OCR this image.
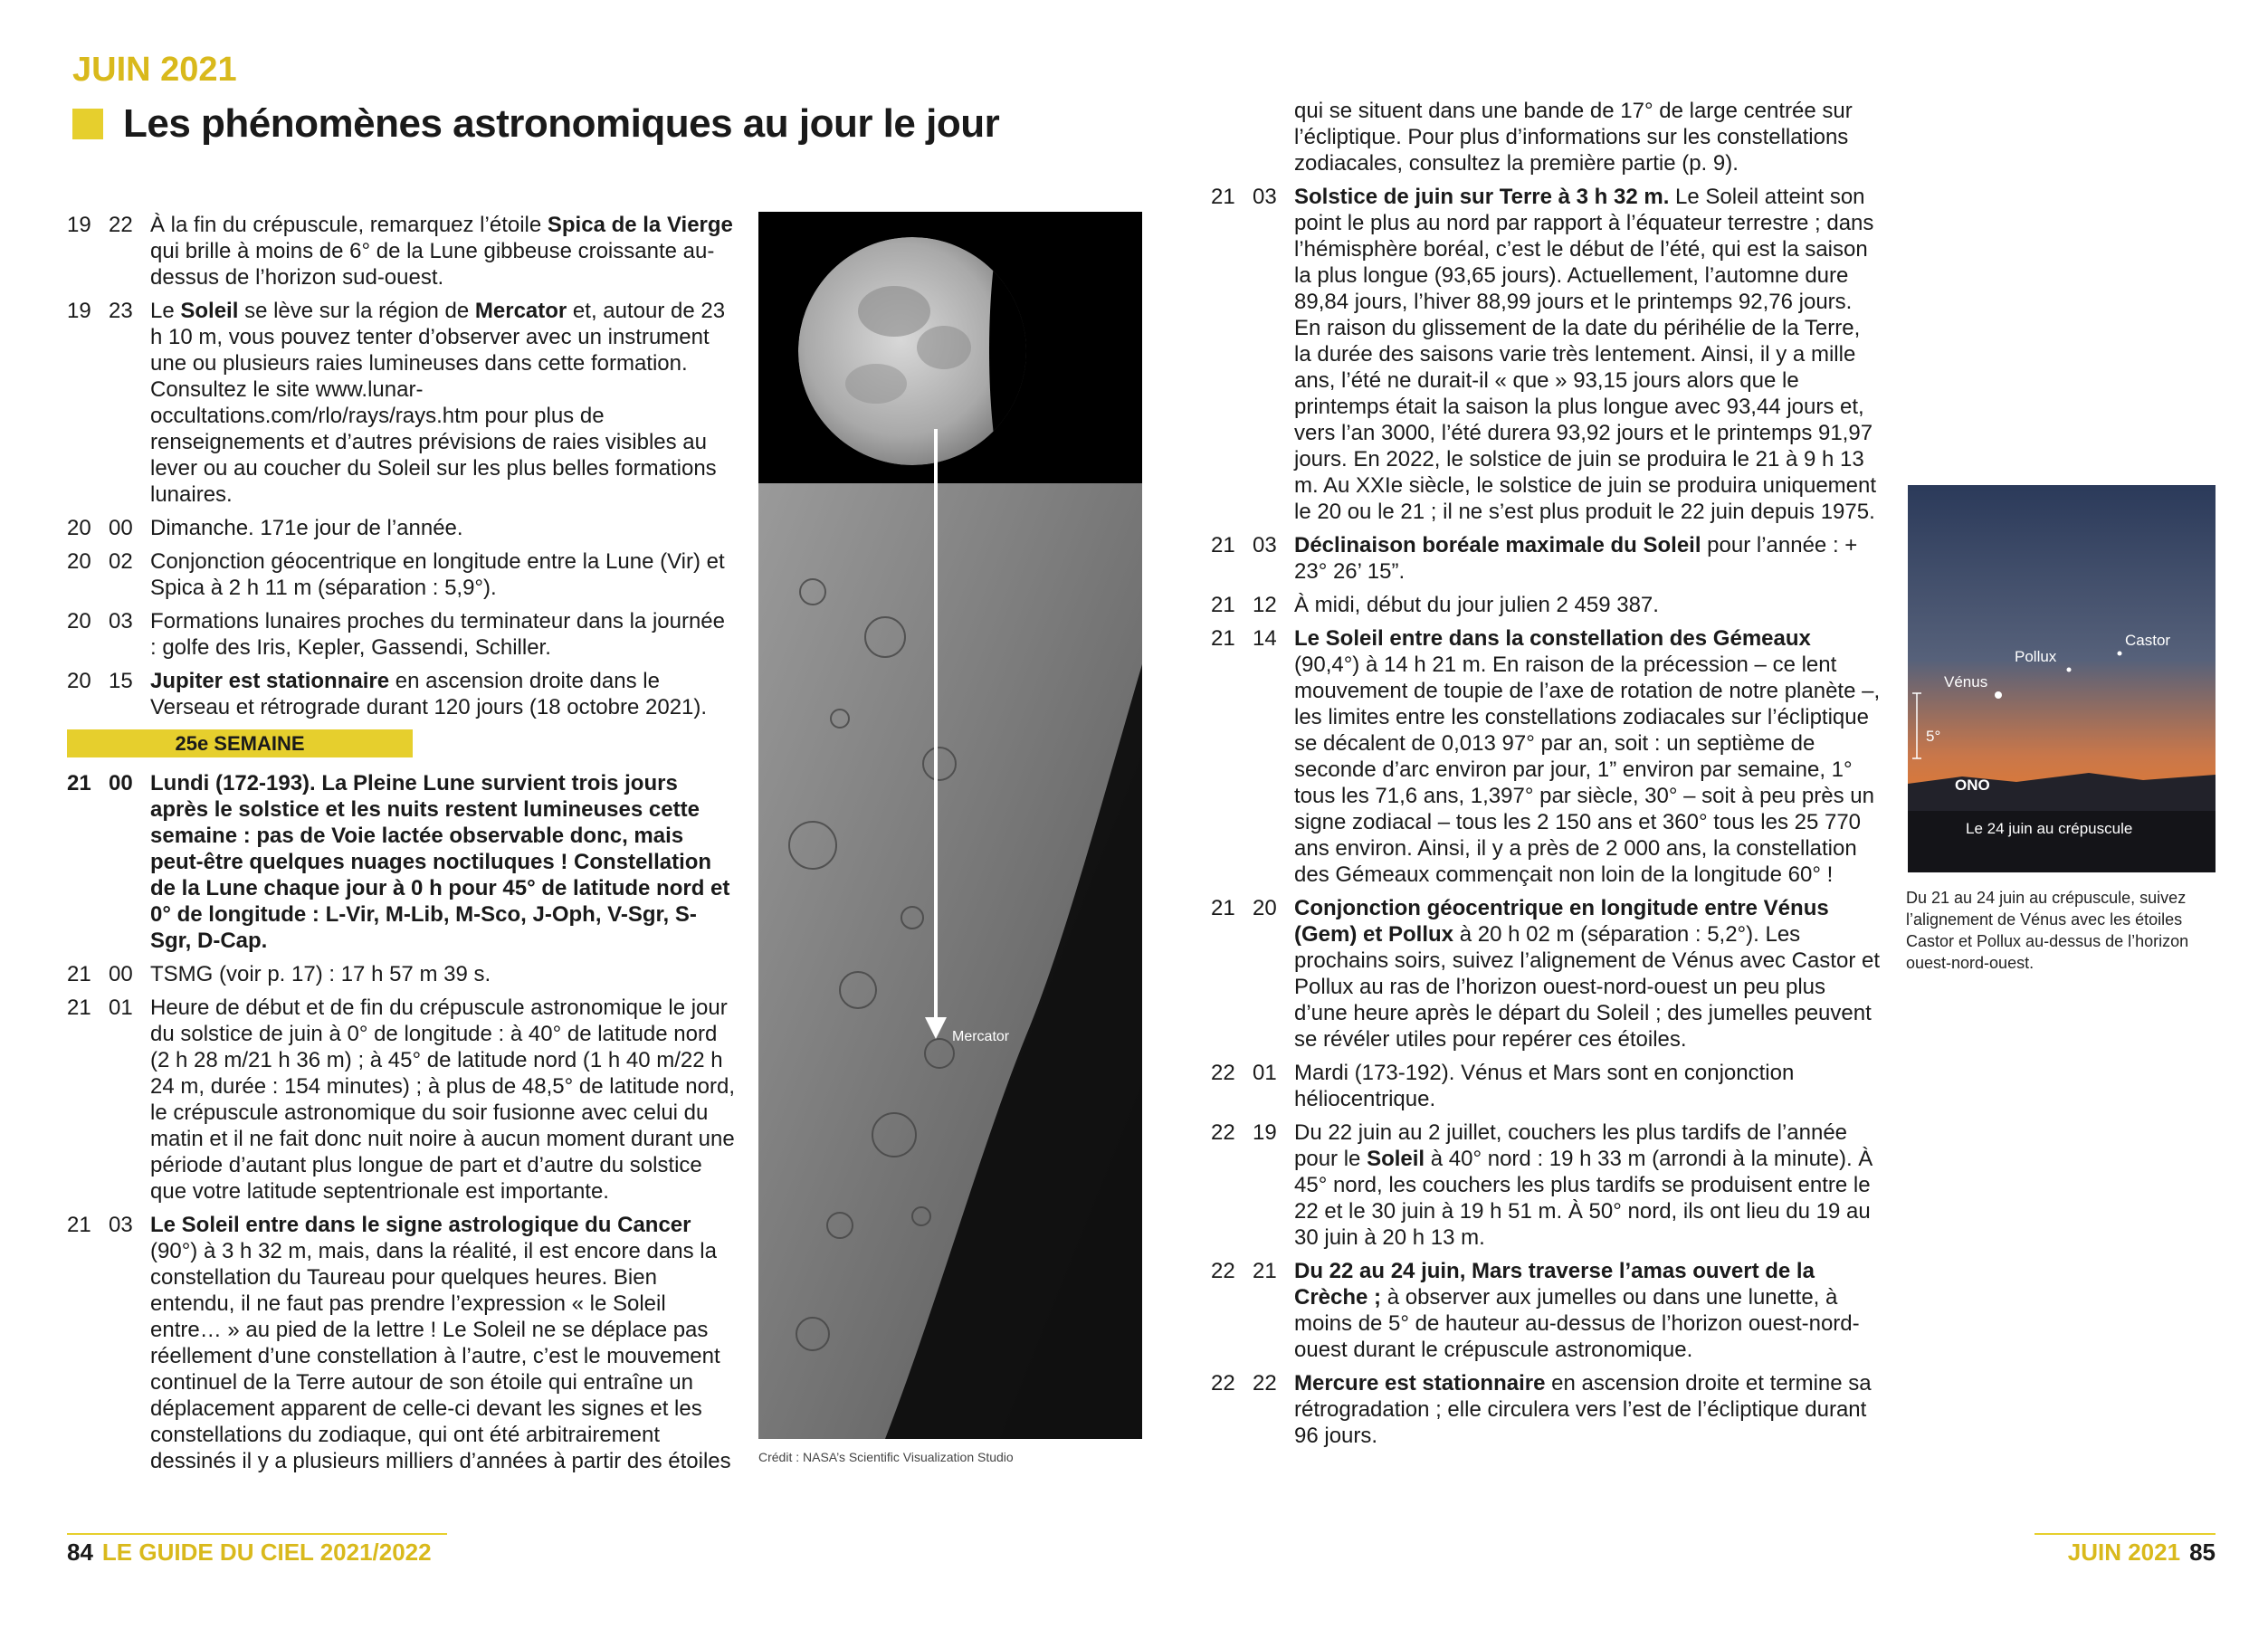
JUIN 2021
Les phénomènes astronomiques au jour le jour
19 22 À la fin du crépuscule, remarquez l’étoile Spica de la Vierge qui brille à moins de 6° de la Lune gibbeuse croissante au-dessus de l’horizon sud-ouest.
19 23 Le Soleil se lève sur la région de Mercator et, autour de 23 h 10 m, vous pouvez tenter d’observer avec un instrument une ou plusieurs raies lumineuses dans cette formation. Consultez le site www.lunar-occultations.com/rlo/rays/rays.htm pour plus de renseignements et d’autres prévisions de raies visibles au lever ou au coucher du Soleil sur les plus belles formations lunaires.
20 00 Dimanche. 171e jour de l’année.
20 02 Conjonction géocentrique en longitude entre la Lune (Vir) et Spica à 2 h 11 m (séparation : 5,9°).
20 03 Formations lunaires proches du terminateur dans la journée : golfe des Iris, Kepler, Gassendi, Schiller.
20 15 Jupiter est stationnaire en ascension droite dans le Verseau et rétrograde durant 120 jours (18 octobre 2021).
25e SEMAINE
21 00 Lundi (172-193). La Pleine Lune survient trois jours après le solstice et les nuits restent lumineuses cette semaine : pas de Voie lactée observable donc, mais peut-être quelques nuages noctiluques ! Constellation de la Lune chaque jour à 0 h pour 45° de latitude nord et 0° de longitude : L-Vir, M-Lib, M-Sco, J-Oph, V-Sgr, S-Sgr, D-Cap.
21 00 TSMG (voir p. 17) : 17 h 57 m 39 s.
21 01 Heure de début et de fin du crépuscule astronomique le jour du solstice de juin à 0° de longitude : à 40° de latitude nord (2 h 28 m/21 h 36 m) ; à 45° de latitude nord (1 h 40 m/22 h 24 m, durée : 154 minutes) ; à plus de 48,5° de latitude nord, le crépuscule astronomique du soir fusionne avec celui du matin et il ne fait donc nuit noire à aucun moment durant une période d’autant plus longue de part et d’autre du solstice que votre latitude septentrionale est importante.
21 03 Le Soleil entre dans le signe astrologique du Cancer (90°) à 3 h 32 m, mais, dans la réalité, il est encore dans la constellation du Taureau pour quelques heures. Bien entendu, il ne faut pas prendre l’expression « le Soleil entre… » au pied de la lettre ! Le Soleil ne se déplace pas réellement d’une constellation à l’autre, c’est le mouvement continuel de la Terre autour de son étoile qui entraîne un déplacement apparent de celle-ci devant les signes et les constellations du zodiaque, qui ont été arbitrairement dessinés il y a plusieurs milliers d’années à partir des étoiles
Mercator
Crédit : NASA’s Scientific Visualization Studio
qui se situent dans une bande de 17° de large centrée sur l’écliptique. Pour plus d’informations sur les constellations zodiacales, consultez la première partie (p. 9).
21 03 Solstice de juin sur Terre à 3 h 32 m. Le Soleil atteint son point le plus au nord par rapport à l’équateur terrestre ; dans l’hémisphère boréal, c’est le début de l’été, qui est la saison la plus longue (93,65 jours). Actuellement, l’automne dure 89,84 jours, l’hiver 88,99 jours et le printemps 92,76 jours. En raison du glissement de la date du périhélie de la Terre, la durée des saisons varie très lentement. Ainsi, il y a mille ans, l’été ne durait-il « que » 93,15 jours alors que le printemps était la saison la plus longue avec 93,44 jours et, vers l’an 3000, l’été durera 93,92 jours et le printemps 91,97 jours. En 2022, le solstice de juin se produira le 21 à 9 h 13 m. Au XXIe siècle, le solstice de juin se produira uniquement le 20 ou le 21 ; il ne s’est plus produit le 22 juin depuis 1975.
21 03 Déclinaison boréale maximale du Soleil pour l’année : + 23° 26’ 15”.
21 12 À midi, début du jour julien 2 459 387.
21 14 Le Soleil entre dans la constellation des Gémeaux (90,4°) à 14 h 21 m. En raison de la précession – ce lent mouvement de toupie de l’axe de rotation de notre planète –, les limites entre les constellations zodiacales sur l’écliptique se décalent de 0,013 97° par an, soit : un septième de seconde d’arc environ par jour, 1” environ par semaine, 1° tous les 71,6 ans, 1,397° par siècle, 30° – soit à peu près un signe zodiacal – tous les 2 150 ans et 360° tous les 25 770 ans environ. Ainsi, il y a près de 2 000 ans, la constellation des Gémeaux commençait non loin de la longitude 60° !
21 20 Conjonction géocentrique en longitude entre Vénus (Gem) et Pollux à 20 h 02 m (séparation : 5,2°). Les prochains soirs, suivez l’alignement de Vénus avec Castor et Pollux au ras de l’horizon ouest-nord-ouest un peu plus d’une heure après le départ du Soleil ; des jumelles peuvent se révéler utiles pour repérer ces étoiles.
22 01 Mardi (173-192). Vénus et Mars sont en conjonction héliocentrique.
22 19 Du 22 juin au 2 juillet, couchers les plus tardifs de l’année pour le Soleil à 40° nord : 19 h 33 m (arrondi à la minute). À 45° nord, les couchers les plus tardifs se produisent entre le 22 et le 30 juin à 19 h 51 m. À 50° nord, ils ont lieu du 19 au 30 juin à 20 h 13 m.
22 21 Du 22 au 24 juin, Mars traverse l’amas ouvert de la Crèche ; à observer aux jumelles ou dans une lunette, à moins de 5° de hauteur au-dessus de l’horizon ouest-nord-ouest durant le crépuscule astronomique.
22 22 Mercure est stationnaire en ascension droite et termine sa rétrogradation ; elle circulera vers l’est de l’écliptique durant 96 jours.
Castor
Pollux
Vénus
5°
ONO
Le 24 juin au crépuscule
Du 21 au 24 juin au crépuscule, suivez l’alignement de Vénus avec les étoiles Castor et Pollux au-dessus de l’horizon ouest-nord-ouest.
84 LE GUIDE DU CIEL 2021/2022	JUIN 2021 85
